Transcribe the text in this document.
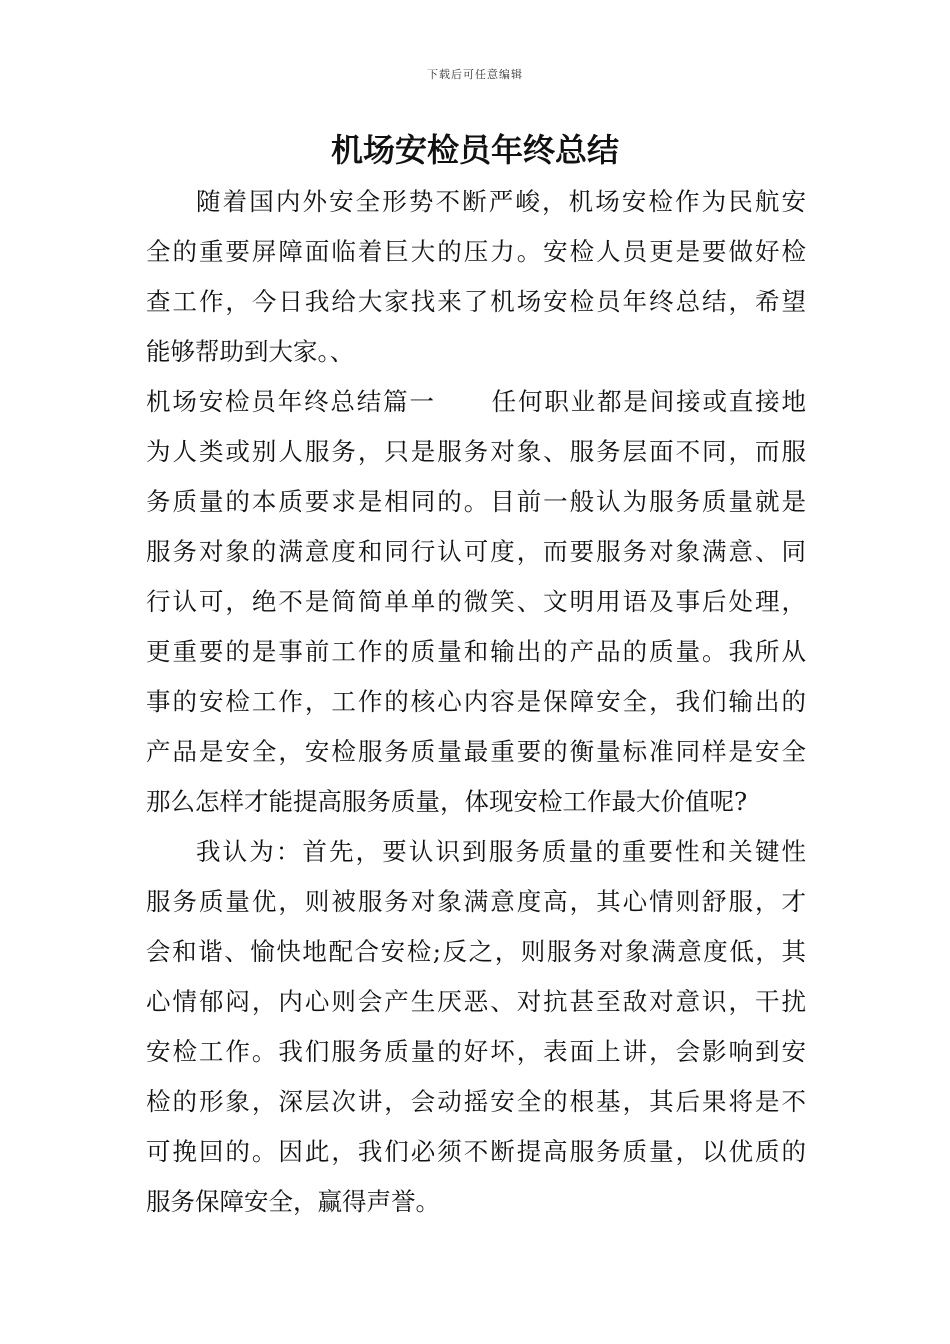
下载后可任意编辑
机场安检员年终总结
随着国内外安全形势不断严峻，机场安检作为民航安
全的重要屏障面临着巨大的压力。安检人员更是要做好检
查工作，今日我给大家找来了机场安检员年终总结，希望
能够帮助到大家。、
机场安检员年终总结篇一 任何职业都是间接或直接地
为人类或别人服务，只是服务对象、服务层面不同，而服
务质量的本质要求是相同的。目前一般认为服务质量就是
服务对象的满意度和同行认可度，而要服务对象满意、同
行认可，绝不是简简单单的微笑、文明用语及事后处理，
更重要的是事前工作的质量和输出的产品的质量。我所从
事的安检工作，工作的核心内容是保障安全，我们输出的
产品是安全，安检服务质量最重要的衡量标准同样是安全
那么怎样才能提高服务质量，体现安检工作最大价值呢?
我认为：首先，要认识到服务质量的重要性和关键性
服务质量优，则被服务对象满意度高，其心情则舒服，才
会和谐、愉快地配合安检;反之，则服务对象满意度低，其
心情郁闷，内心则会产生厌恶、对抗甚至敌对意识，干扰
安检工作。我们服务质量的好坏，表面上讲，会影响到安
检的形象，深层次讲，会动摇安全的根基，其后果将是不
可挽回的。因此，我们必须不断提高服务质量，以优质的
服务保障安全，赢得声誉。
